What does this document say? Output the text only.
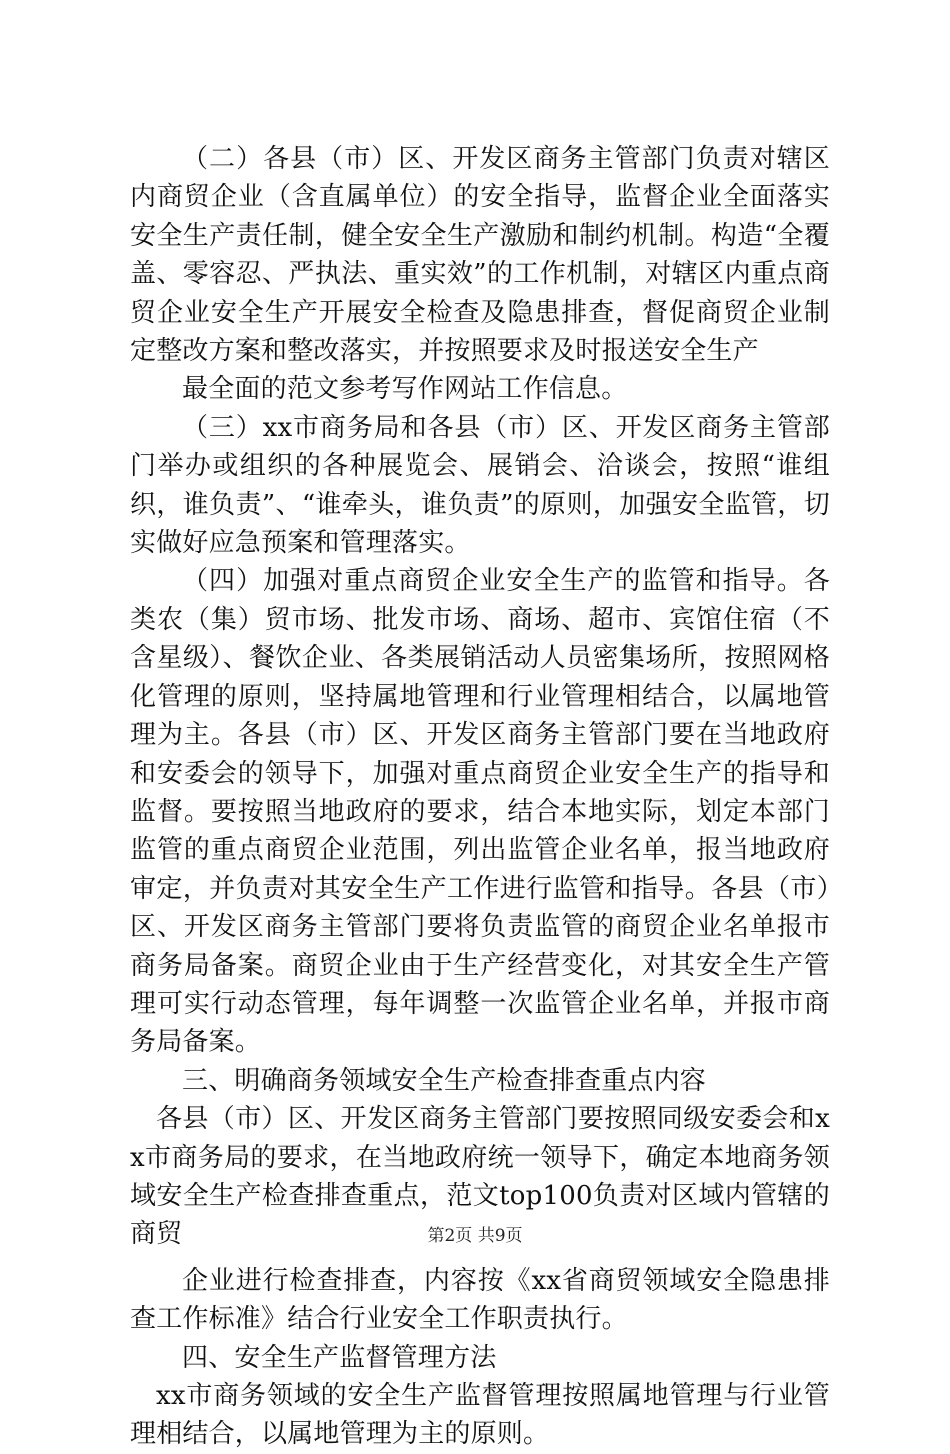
（二）各县（市）区、开发区商务主管部门负责对辖区内商贸企业（含直属单位）的安全指导，监督企业全面落实安全生产责任制，健全安全生产激励和制约机制。构造“全覆盖、零容忍、严执法、重实效”的工作机制，对辖区内重点商贸企业安全生产开展安全检查及隐患排查，督促商贸企业制定整改方案和整改落实，并按照要求及时报送安全生产

最全面的范文参考写作网站工作信息。

（三）xx市商务局和各县（市）区、开发区商务主管部门举办或组织的各种展览会、展销会、洽谈会，按照“谁组织，谁负责”、“谁牵头，谁负责”的原则，加强安全监管，切实做好应急预案和管理落实。

（四）加强对重点商贸企业安全生产的监管和指导。各类农（集）贸市场、批发市场、商场、超市、宾馆住宿（不含星级）、餐饮企业、各类展销活动人员密集场所，按照网格化管理的原则，坚持属地管理和行业管理相结合，以属地管理为主。各县（市）区、开发区商务主管部门要在当地政府和安委会的领导下，加强对重点商贸企业安全生产的指导和监督。要按照当地政府的要求，结合本地实际，划定本部门监管的重点商贸企业范围，列出监管企业名单，报当地政府审定，并负责对其安全生产工作进行监管和指导。各县（市）区、开发区商务主管部门要将负责监管的商贸企业名单报市商务局备案。商贸企业由于生产经营变化，对其安全生产管理可实行动态管理，每年调整一次监管企业名单，并报市商务局备案。

三、明确商务领域安全生产检查排查重点内容

各县（市）区、开发区商务主管部门要按照同级安委会和xx市商务局的要求，在当地政府统一领导下，确定本地商务领域安全生产检查排查重点，范文top100负责对区域内管辖的商贸

企业进行检查排查，内容按《xx省商贸领域安全隐患排查工作标准》结合行业安全工作职责执行。

四、安全生产监督管理方法

xx市商务领域的安全生产监督管理按照属地管理与行业管理相结合，以属地管理为主的原则。

第2页 共9页
